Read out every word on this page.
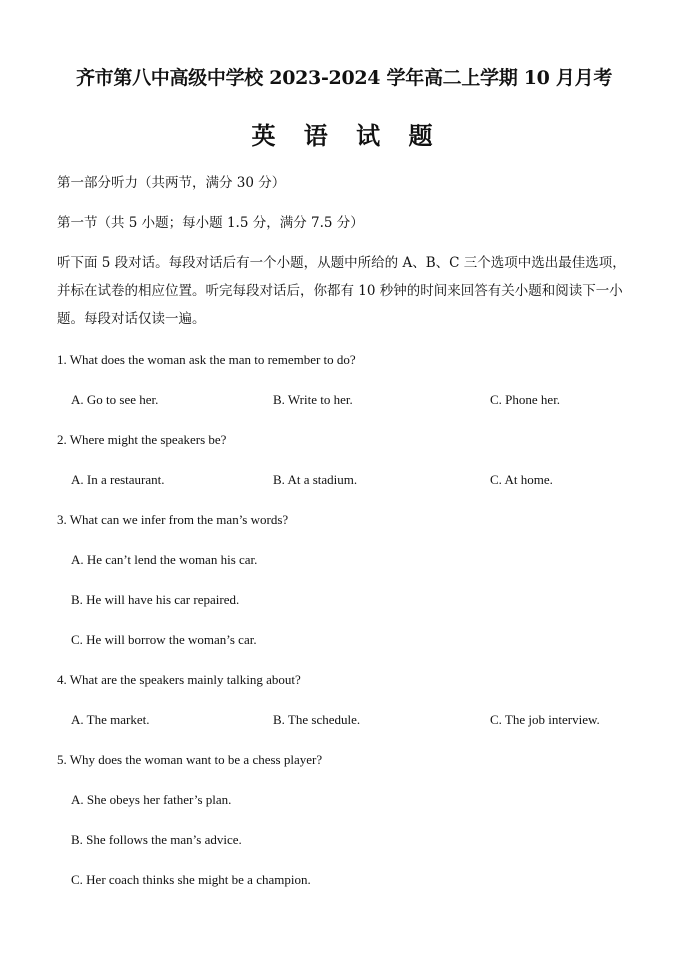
齐市第八中高级中学校 2023-2024 学年高二上学期 10 月月考
英 语 试 题
第一部分听力（共两节，满分 30 分）
第一节（共 5 小题；每小题 1.5 分，满分 7.5 分）
听下面 5 段对话。每段对话后有一个小题，从题中所给的 A、B、C 三个选项中选出最佳选项，
并标在试卷的相应位置。听完每段对话后，你都有 10 秒钟的时间来回答有关小题和阅读下一小
题。每段对话仅读一遍。
1. What does the woman ask the man to remember to do?
A. Go to see her.	B. Write to her.	C. Phone her.
2. Where might the speakers be?
A. In a restaurant.	B. At a stadium.	C. At home.
3. What can we infer from the man’s words?
A. He can’t lend the woman his car.
B. He will have his car repaired.
C. He will borrow the woman’s car.
4. What are the speakers mainly talking about?
A. The market.	B. The schedule.	C. The job interview.
5. Why does the woman want to be a chess player?
A. She obeys her father’s plan.
B. She follows the man’s advice.
C. Her coach thinks she might be a champion.
